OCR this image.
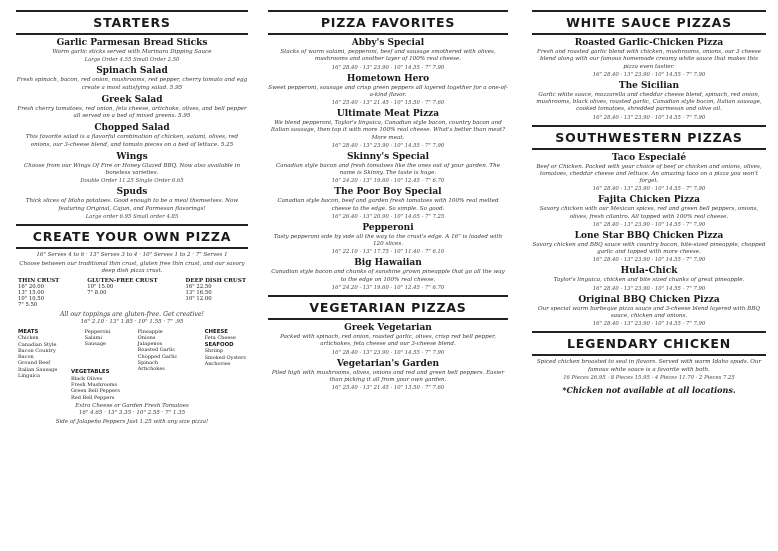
STARTERS
Garlic Parmesan Bread Sticks
Warm garlic sticks served with Marinara Dipping Sauce
Large Order 4.55 Small Order 2.50
Spinach Salad
Fresh spinach, bacon, red onion, mushrooms, red pepper, cherry tomato and egg create a most satisfying salad. 5.95
Greek Salad
Fresh cherry tomatoes, red onion, feta cheese, artichoke, olives, and bell pepper all served on a bed of mixed greens. 5.95
Chopped Salad
This favorite salad is a flavorful combination of chicken, salami, olives, red onions, our 3-cheese blend, and tomato pieces on a bed of lettuce. 5.25
Wings
Choose from our Wings Of Fire or Honey Glazed BBQ. Now also available in boneless varieties.
Double Order 11.25 Single Order 6.65
Spuds
Thick slices of Idaho potatoes. Good enough to be a meal themselves. Now featuring Original, Cajun, and Parmesan flavorings!
Large order 6.95 Small order 4.85
CREATE YOUR OWN PIZZA
16" Serves 4 to 6 · 13" Serves 3 to 4 · 10" Serves 1 to 2 · 7" Serves 1
Choose between our traditional thin crust, gluten free thin crust, and our savory deep dish pizza crust.
THIN CRUST
16" 20.00
13" 15.00
10" 10.50
7" 5.50
GLUTEN-FREE CRUST
10" 15.00
7" 8.00
DEEP DISH CRUST
16" 22.50
13" 16.50
10" 12.00
All our toppings are gluten-free. Get creative!
16" 2.10 · 13" 1.85 · 10" 1.55 · 7" .95
MEATS
Chicken
Canadian Style
Bacon Country
Bacon
Ground Beef
Italian Sausage
Linguica
Pepperoni
Salami
Sausage
Pineapple
Onions
Jalapenos
Roasted Garlic
Chopped Garlic
Spinach
Artichokes
CHEESE
Feta Cheese
SEAFOOD
Shrimp
Smoked Oysters
Anchovies
VEGETABLES
Black Olives
Fresh Mushrooms
Green Bell Peppers
Red Bell Peppers
Extra Cheese or Garden Fresh Tomatoes
16" 4.65 · 13" 3.35 · 10" 2.55 · 7" 1.35
Side of Jalapeño Peppers Just 1.25 with any size pizza!
PIZZA FAVORITES
Abby's Special
Stacks of warm salami, pepperoni, beef and sausage smothered with olives, mushrooms and another layer of 100% real cheese.
16" 28.40 · 13" 23.90 · 10" 14.55 · 7" 7.90
Hometown Hero
Sweet pepperoni, sausage and crisp green peppers all layered together for a one-of-a-kind flavor.
16" 25.40 · 13" 21.45 · 10" 15.50 · 7" 7.60
Ultimate Meat Pizza
We blend pepperoni, Taylor's linguica, Canadian style bacon, country bacon and Italian sausage, then top it with more 100% real cheese. What's better than meat? More meat.
16" 28.40 · 13" 23.90 · 10" 14.55 · 7" 7.90
Skinny's Special
Canadian style bacon and fresh tomatoes like the ones out of your garden. The name is Skinny. The taste is huge.
16" 24.20 · 13" 19.60 · 10" 12.45 · 7" 6.70
The Poor Boy Special
Canadian style bacon, beef and garden fresh tomatoes with 100% real melted cheese to the edge. So simple. So good.
16" 26.40 · 13" 20.90 · 10" 14.05 · 7" 7.25
Pepperoni
Tasty pepperoni side by side all the way to the crust's edge. A 16" is loaded with 120 slices.
16" 22.10 · 13" 17.75 · 10" 11.40 · 7" 6.10
Big Hawaiian
Canadian style bacon and chunks of sunshine grown pineapple that go all the way to the edge on 100% real cheese.
16" 24.20 · 13" 19.60 · 10" 12.45 · 7" 6.70
VEGETARIAN PIZZAS
Greek Vegetarian
Packed with spinach, red onion, roasted garlic, olives, crisp red bell pepper, artichokes, feta cheese and our 3-cheese blend.
16" 28.40 · 13" 23.90 · 10" 14.55 · 7" 7.90
Vegetarian's Garden
Piled high with mushrooms, olives, onions and red and green bell peppers. Easier than picking it all from your own garden.
16" 25.40 · 13" 21.45 · 10" 13.50 · 7" 7.60
WHITE SAUCE PIZZAS
Roasted Garlic-Chicken Pizza
Fresh and roasted garlic blend with chicken, mushrooms, onions, our 3 cheese blend along with our famous homemade creamy white sauce that makes this pizza even tastier.
16" 28.40 · 13" 23.90 · 10" 14.55 · 7" 7.90
The Sicilian
Garlic white sauce, mozzarella and cheddar cheese blend, spinach, red onion, mushrooms, black olives, roasted garlic, Canadian style bacon, Italian sausage, cooked tomatoes, shredded parmesan and olive oil.
16" 28.40 · 13" 23.90 · 10" 14.55 · 7" 7.90
SOUTHWESTERN PIZZAS
Taco Especialé
Beef or Chicken. Packed with your choice of beef or chicken and onions, olives, tomatoes, cheddar cheese and lettuce. An amazing taco on a pizza you won't forget.
16" 28.40 · 13" 23.90 · 10" 14.55 · 7" 7.90
Fajita Chicken Pizza
Savory chicken with our Mexican spices, red and green bell peppers, onions, olives, fresh cilantro. All topped with 100% real cheese.
16" 28.40 · 13" 23.90 · 10" 14.55 · 7" 7.90
Lone Star BBQ Chicken Pizza
Savory chicken and BBQ sauce with country bacon, bite-sized pineapple, chopped garlic and topped with more cheese.
16" 28.40 · 13" 23.90 · 10" 14.55 · 7" 7.90
Hula-Chick
Taylor's linguica, chicken and bite sized chunks of great pineapple.
16" 28.40 · 13" 23.90 · 10" 14.55 · 7" 7.90
Original BBQ Chicken Pizza
Our special warm barbeque pizza sauce and 3-cheese blend layered with BBQ sauce, chicken and onions.
16" 28.40 · 13" 23.90 · 10" 14.55 · 7" 7.90
LEGENDARY CHICKEN
Spiced chicken broasted to seal in flavors. Served with warm Idaho spuds. Our famous white sauce is a favorite with both.
16 Pieces 26.95 · 8 Pieces 15.95 · 4 Pieces 11.70 · 2 Pieces 7.25
*Chicken not available at all locations.
